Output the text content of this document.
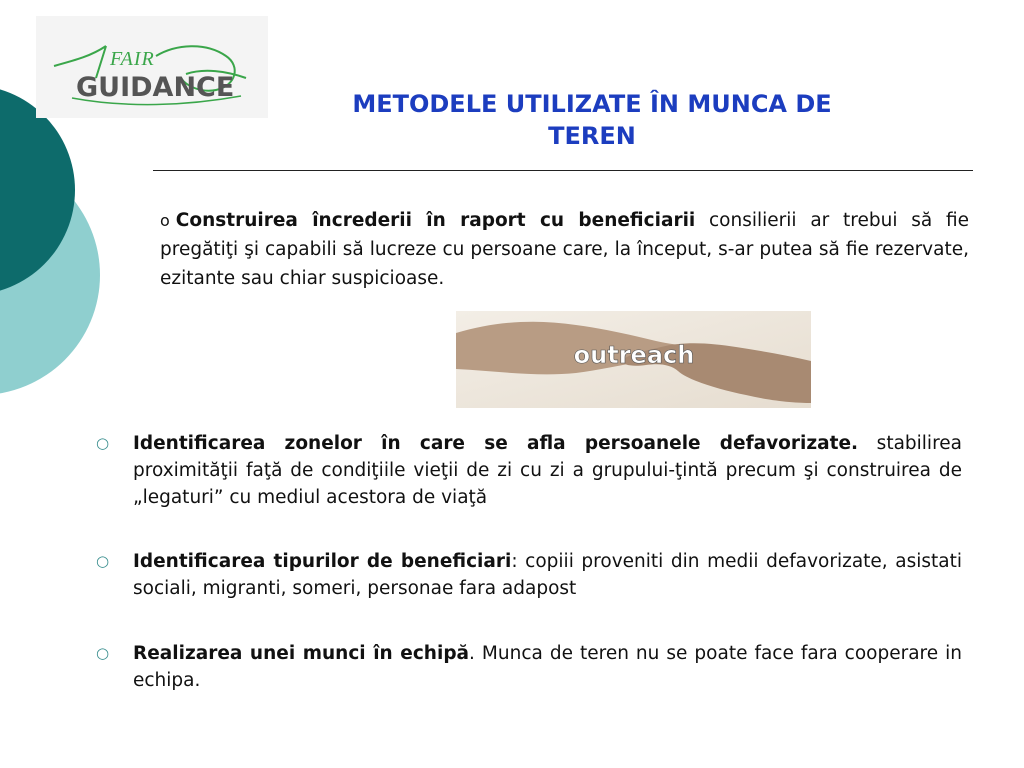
FAIR
GUIDANCE
METODELE UTILIZATE ÎN MUNCA DE
TEREN
o Construirea încrederii în raport cu beneficiarii consilierii ar trebui să fie pregătiţi şi capabili să lucreze cu persoane care, la început, s-ar putea să fie rezervate, ezitante sau chiar suspicioase.
outreach
○ Identificarea zonelor în care se afla persoanele defavorizate. stabilirea proximităţii faţă de condiţiile vieţii de zi cu zi a grupului-ţintă precum şi construirea de „legaturi” cu mediul acestora de viaţă
○ Identificarea tipurilor de beneficiari: copiii proveniti din medii defavorizate, asistati sociali, migranti, someri, personae fara adapost
○ Realizarea unei munci în echipă. Munca de teren nu se poate face fara cooperare in echipa.
